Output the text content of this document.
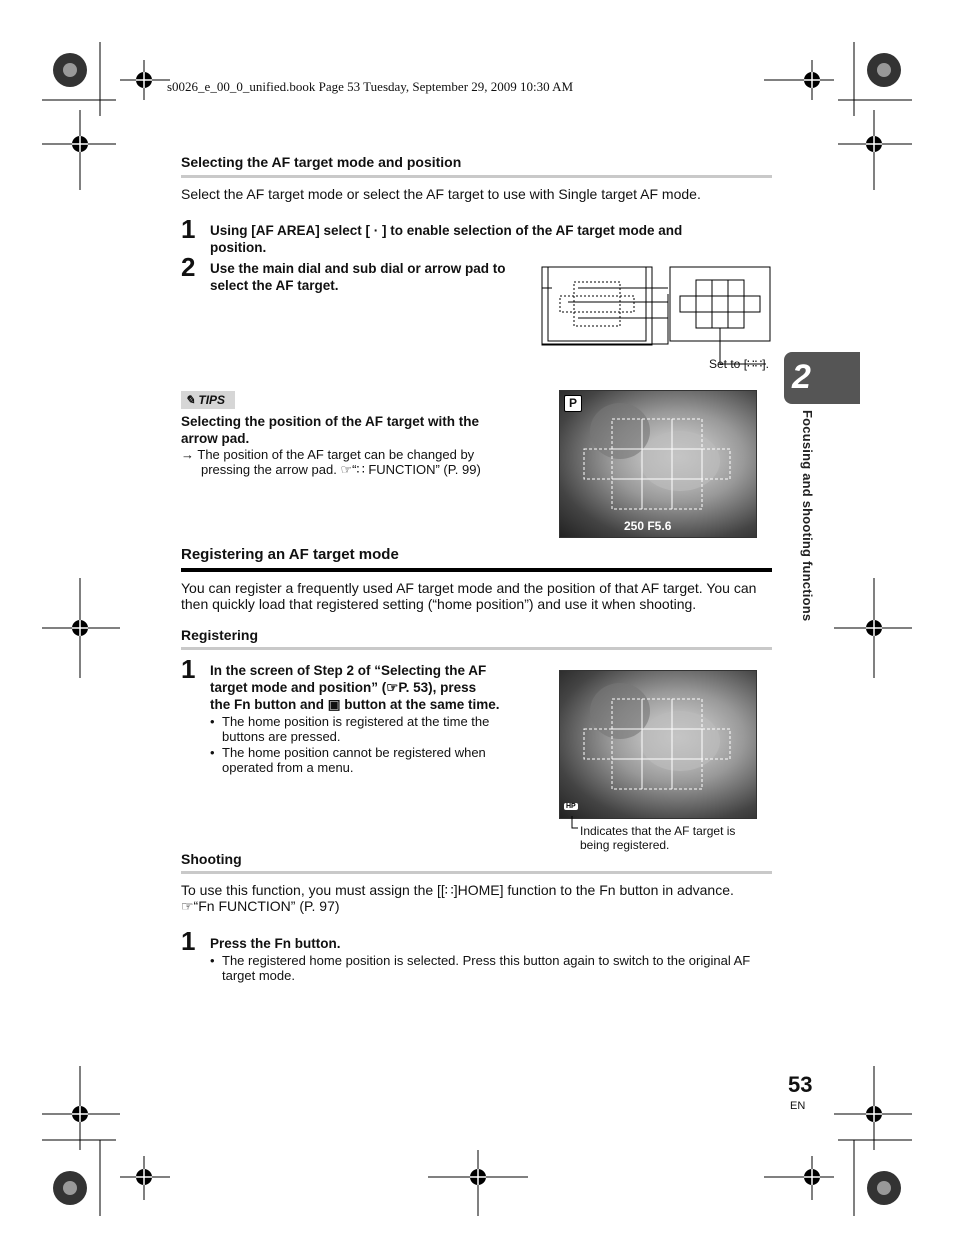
s0026_e_00_0_unified.book Page 53 Tuesday, September 29, 2009 10:30 AM
Selecting the AF target mode and position
Select the AF target mode or select the AF target to use with Single target AF mode.
1 Using [AF AREA] select [ · ] to enable selection of the AF target mode and
position.
2 Use the main dial and sub dial or arrow pad to
select the AF target.
Set to [∷∷].
✎ TIPS
Selecting the position of the AF target with the
arrow pad.
→ The position of the AF target can be changed by
pressing the arrow pad. ☞“∷ FUNCTION” (P. 99)
P
250 F5.6
Registering an AF target mode
You can register a frequently used AF target mode and the position of that AF target. You can
then quickly load that registered setting (“home position”) and use it when shooting.
Registering
1 In the screen of Step 2 of “Selecting the AF
target mode and position” (☞P. 53), press
the Fn button and ▣ button at the same time.
• The home position is registered at the time the
buttons are pressed.
• The home position cannot be registered when
operated from a menu.
HP
Indicates that the AF target is
being registered.
Shooting
To use this function, you must assign the [[∷]HOME] function to the Fn button in advance.
☞“Fn FUNCTION” (P. 97)
1 Press the Fn button.
• The registered home position is selected. Press this button again to switch to the original AF
target mode.
2
Focusing and shooting functions
53
EN
